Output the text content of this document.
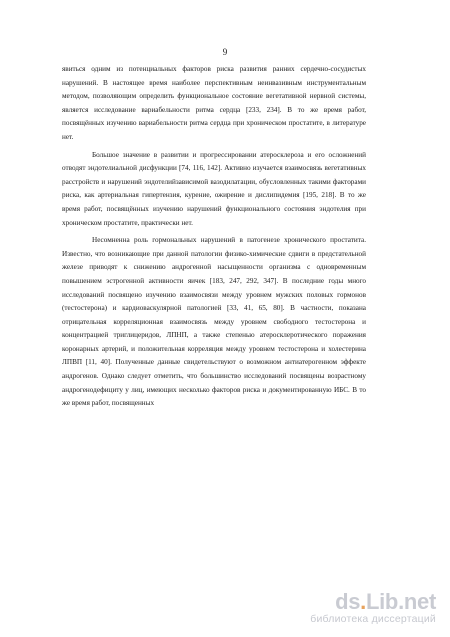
9

явиться одним из потенциальных факторов риска развития ранних сердечно-сосудистых нарушений. В настоящее время наиболее перспективным неинвазивным инструментальным методом, позволяющим определить функциональное состояние вегетативной нервной системы, является исследование вариабельности ритма сердца [233, 234]. В то же время работ, посвящённых изучению вариабельности ритма сердца при хроническом простатите, в литературе нет.

Большое значение в развитии и прогрессировании атеросклероза и его осложнений отводят эндотелиальной дисфункции [74, 116, 142]. Активно изучается взаимосвязь вегетативных расстройств и нарушений эндотелийзависимой вазодилатации, обусловленных такими факторами риска, как артериальная гипертензия, курение, ожирение и дислипидемия [195, 218]. В то же время работ, посвящённых изучению нарушений функционального состояния эндотелия при хроническом простатите, практически нет.

Несомненна роль гормональных нарушений в патогенезе хронического простатита. Известно, что возникающие при данной патологии физико-химические сдвиги в предстательной железе приводят к снижению андрогенной насыщенности организма с одновременным повышением эстрогенной активности яичек [183, 247, 292, 347]. В последние годы много исследований посвящено изучению взаимосвязи между уровнем мужских половых гормонов (тестостерона) и кардиоваскулярной патологией [33, 41, 65, 80]. В частности, показана отрицательная корреляционная взаимосвязь между уровнем свободного тестостерона и концентрацией триглицеридов, ЛПНП, а также степенью атеросклеротического поражения коронарных артерий, и положительная корреляция между уровнем тестостерона и холестерина ЛПВП [11, 40]. Полученные данные свидетельствуют о возможном антиатерогенном эффекте андрогенов. Однако следует отметить, что большинство исследований посвящены возрастному андрогенодефициту у лиц, имеющих несколько факторов риска и документированную ИБС. В то же время работ, посвященных

ds.Lib.net
библиотека диссертаций
